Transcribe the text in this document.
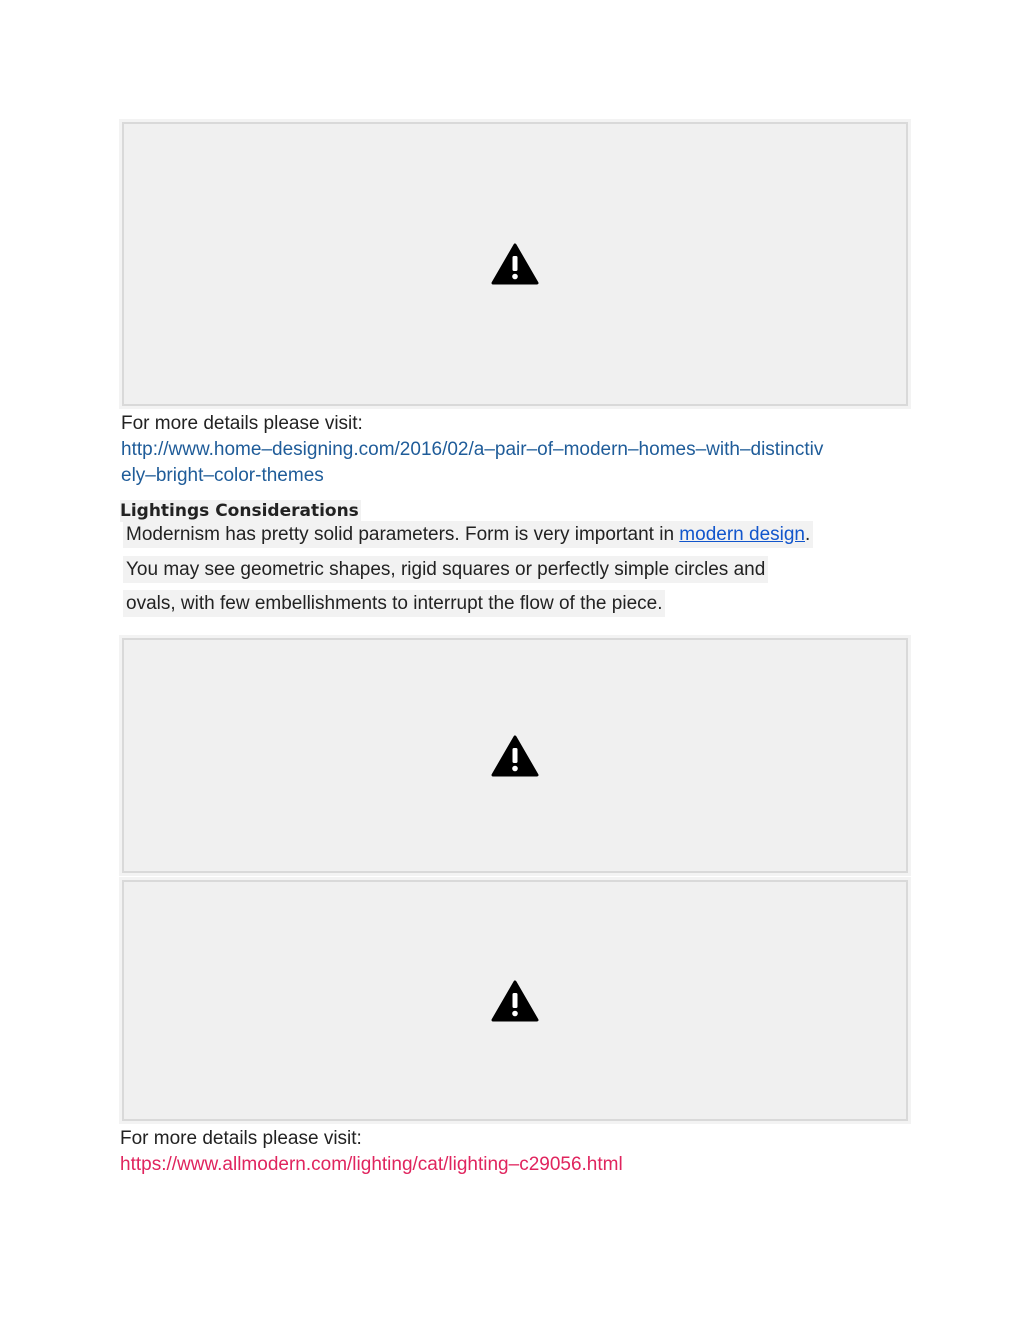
For more details please visit:
http://www.home–designing.com/2016/02/a–pair–of–modern–homes–with–distinctiv
ely–bright–color-themes
Lightings Considerations
Modernism has pretty solid parameters. Form is very important in modern design.
You may see geometric shapes, rigid squares or perfectly simple circles and
ovals, with few embellishments to interrupt the flow of the piece.
For more details please visit:
https://www.allmodern.com/lighting/cat/lighting–c29056.html
